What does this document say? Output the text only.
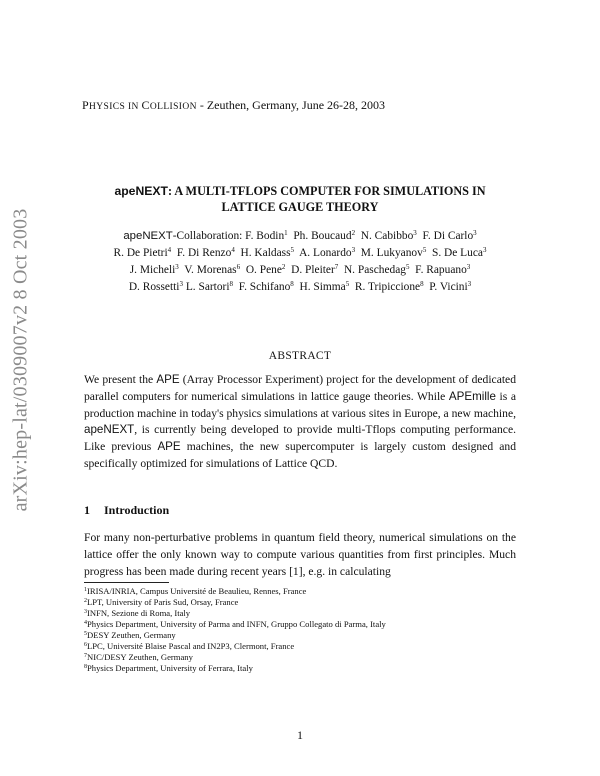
arXiv:hep-lat/0309007v2 8 Oct 2003
PHYSICS IN COLLISION - Zeuthen, Germany, June 26-28, 2003
apeNEXT: A MULTI-TFLOPS COMPUTER FOR SIMULATIONS IN
LATTICE GAUGE THEORY
apeNEXT-Collaboration: F. Bodin$^1$ Ph. Boucaud$^2$ N. Cabibbo$^3$ F. Di Carlo$^3$
R. De Pietri$^4$ F. Di Renzo$^4$ H. Kaldass$^5$ A. Lonardo$^3$ M. Lukyanov$^5$ S. De Luca$^3$
J. Micheli$^3$ V. Morenas$^6$ O. Pene$^2$ D. Pleiter$^7$ N. Paschedag$^5$ F. Rapuano$^3$
D. Rossetti$^3$ L. Sartori$^8$ F. Schifano$^8$ H. Simma$^5$ R. Tripiccione$^8$ P. Vicini$^3$
ABSTRACT
We present the APE (Array Processor Experiment) project for the development of dedicated parallel computers for numerical simulations in lattice gauge theories. While APEmille is a production machine in today's physics simulations at various sites in Europe, a new machine, apeNEXT, is currently being developed to provide multi-Tflops computing performance. Like previous APE machines, the new supercomputer is largely custom designed and specifically optimized for simulations of Lattice QCD.
1 Introduction
For many non-perturbative problems in quantum field theory, numerical simulations on the lattice offer the only known way to compute various quantities from first principles. Much progress has been made during recent years [1], e.g. in calculating
$^1$IRISA/INRIA, Campus Université de Beaulieu, Rennes, France
$^2$LPT, University of Paris Sud, Orsay, France
$^3$INFN, Sezione di Roma, Italy
$^4$Physics Department, University of Parma and INFN, Gruppo Collegato di Parma, Italy
$^5$DESY Zeuthen, Germany
$^6$LPC, Université Blaise Pascal and IN2P3, Clermont, France
$^7$NIC/DESY Zeuthen, Germany
$^8$Physics Department, University of Ferrara, Italy
1
